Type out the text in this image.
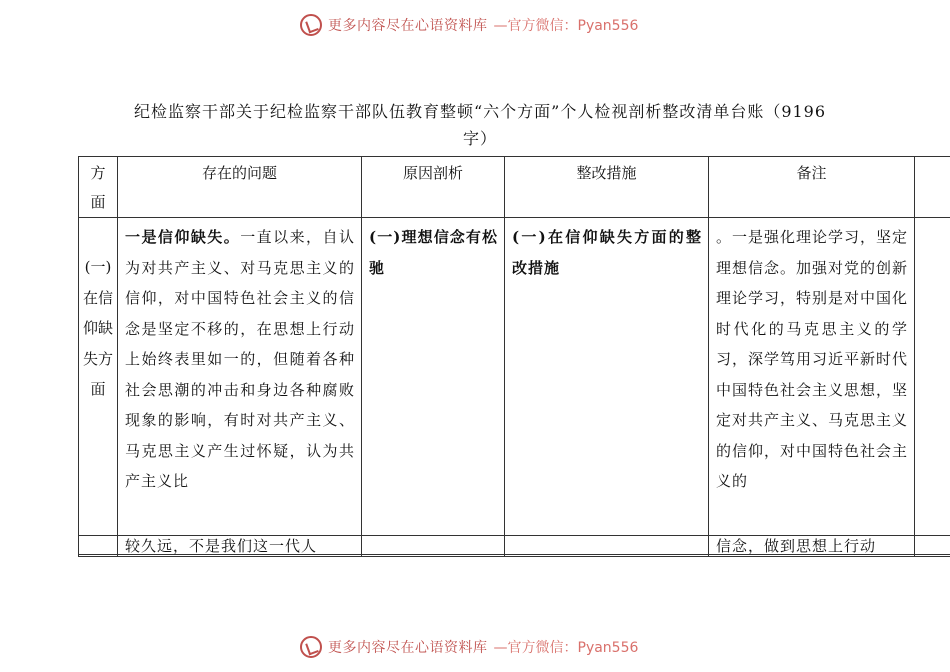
更多内容尽在心语资料库 —官方微信：Pyan556
纪检监察干部关于纪检监察干部队伍教育整顿“六个方面”个人检视剖析整改清单台账（9196
字）
方面	存在的问题	原因剖析	整改措施	备注	

(一)在信仰缺失方面	一是信仰缺失。一直以来，自认为对共产主义、对马克思主义的信仰，对中国特色社会主义的信念是坚定不移的，在思想上行动上始终表里如一的，但随着各种社会思潮的冲击和身边各种腐败现象的影响，有时对共产主义、马克思主义产生过怀疑，认为共产主义比	(一)理想信念有松驰	(一)在信仰缺失方面的整改措施	。一是强化理论学习，坚定理想信念。加强对党的创新理论学习，特别是对中国化时代化的马克思主义的学习，深学笃用习近平新时代中国特色社会主义思想，坚定对共产主义、马克思主义的信仰，对中国特色社会主义的	
	较久远，不是我们这一代人			信念，做到思想上行动	
更多内容尽在心语资料库 —官方微信：Pyan556
